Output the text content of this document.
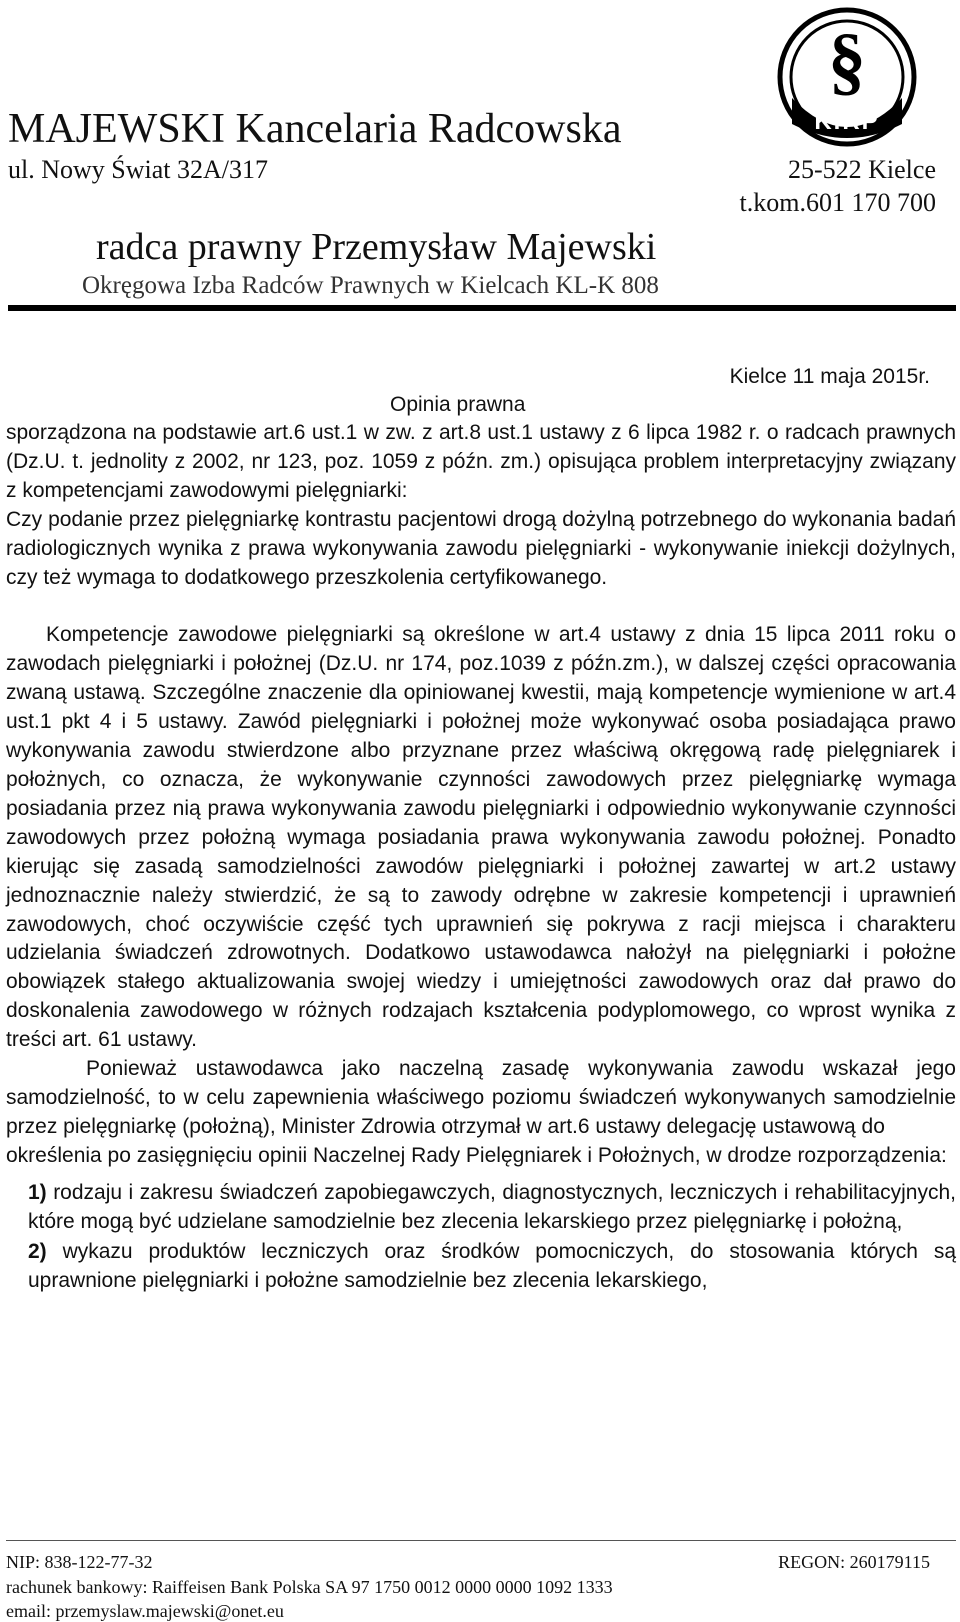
MAJEWSKI Kancelaria Radcowska
ul. Nowy Świat 32A/317	25-522 Kielce
t.kom.601 170 700
radca prawny Przemysław Majewski
Okręgowa Izba Radców Prawnych w Kielcach KL-K 808
§
KIRP
Kielce 11 maja 2015r.
Opinia prawna

sporządzona na podstawie art.6 ust.1 w zw. z art.8 ust.1 ustawy z 6 lipca 1982 r. o radcach prawnych (Dz.U. t. jednolity z 2002, nr 123, poz. 1059 z późn. zm.) opisująca problem interpretacyjny związany z kompetencjami zawodowymi pielęgniarki:

Czy podanie przez pielęgniarkę kontrastu pacjentowi drogą dożylną potrzebnego do wykonania badań radiologicznych wynika z prawa wykonywania zawodu pielęgniarki - wykonywanie iniekcji dożylnych, czy też wymaga to dodatkowego przeszkolenia certyfikowanego.

Kompetencje zawodowe pielęgniarki są określone w art.4 ustawy z dnia 15 lipca 2011 roku o zawodach pielęgniarki i położnej (Dz.U. nr 174, poz.1039 z późn.zm.), w dalszej części opracowania zwaną ustawą. Szczególne znaczenie dla opiniowanej kwestii, mają kompetencje wymienione w art.4 ust.1 pkt 4 i 5 ustawy. Zawód pielęgniarki i położnej może wykonywać osoba posiadająca prawo wykonywania zawodu stwierdzone albo przyznane przez właściwą okręgową radę pielęgniarek i położnych, co oznacza, że wykonywanie czynności zawodowych przez pielęgniarkę wymaga posiadania przez nią prawa wykonywania zawodu pielęgniarki i odpowiednio wykonywanie czynności zawodowych przez położną wymaga posiadania prawa wykonywania zawodu położnej. Ponadto kierując się zasadą samodzielności zawodów pielęgniarki i położnej zawartej w art.2 ustawy jednoznacznie należy stwierdzić, że są to zawody odrębne w zakresie kompetencji i uprawnień zawodowych, choć oczywiście część tych uprawnień się pokrywa z racji miejsca i charakteru udzielania świadczeń zdrowotnych. Dodatkowo ustawodawca nałożył na pielęgniarki i położne obowiązek stałego aktualizowania swojej wiedzy i umiejętności zawodowych oraz dał prawo do doskonalenia zawodowego w różnych rodzajach kształcenia podyplomowego, co wprost wynika z treści art. 61 ustawy.

Ponieważ ustawodawca jako naczelną zasadę wykonywania zawodu wskazał jego samodzielność, to w celu zapewnienia właściwego poziomu świadczeń wykonywanych samodzielnie przez pielęgniarkę (położną), Minister Zdrowia otrzymał w art.6 ustawy delegację ustawową do

określenia po zasięgnięciu opinii Naczelnej Rady Pielęgniarek i Położnych, w drodze rozporządzenia:

1) rodzaju i zakresu świadczeń zapobiegawczych, diagnostycznych, leczniczych i rehabilitacyjnych, które mogą być udzielane samodzielnie bez zlecenia lekarskiego przez pielęgniarkę i położną,
2) wykazu produktów leczniczych oraz środków pomocniczych, do stosowania których są uprawnione pielęgniarki i położne samodzielnie bez zlecenia lekarskiego,
NIP: 838-122-77-32	REGON: 260179115
rachunek bankowy: Raiffeisen Bank Polska SA 97 1750 0012 0000 0000 1092 1333
email: przemyslaw.majewski@onet.eu
